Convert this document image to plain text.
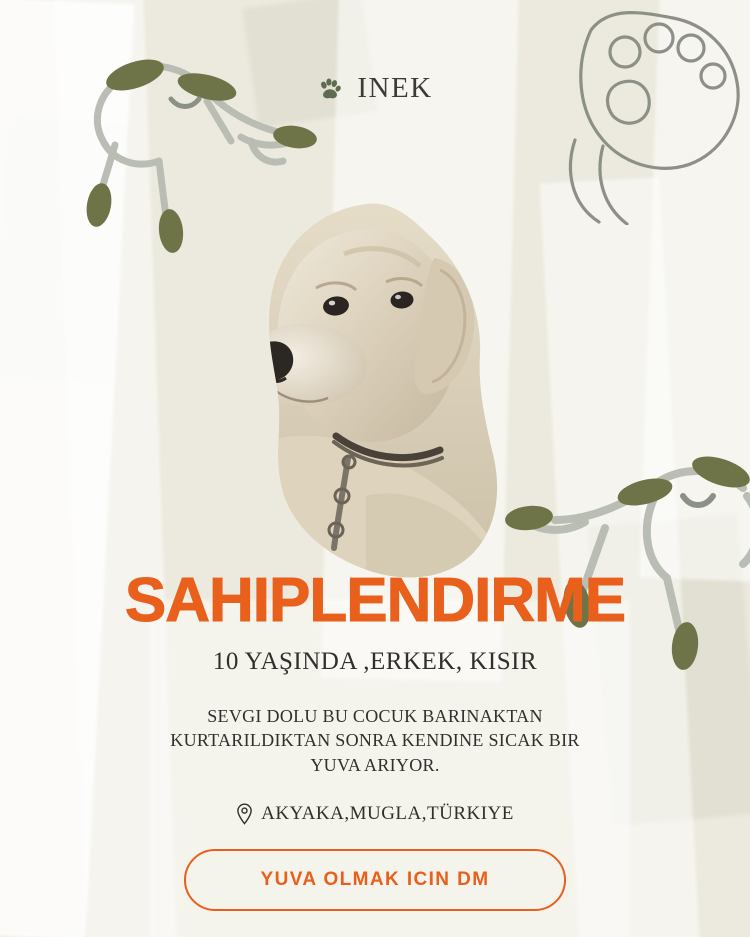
INEK
SAHIPLENDIRME

10 YAŞINDA ,ERKEK, KISIR

SEVGI DOLU BU COCUK BARINAKTAN KURTARILDIKTAN SONRA KENDINE SICAK BIR YUVA ARIYOR.

AKYAKA,MUGLA,TÜRKIYE
YUVA OLMAK ICIN DM
